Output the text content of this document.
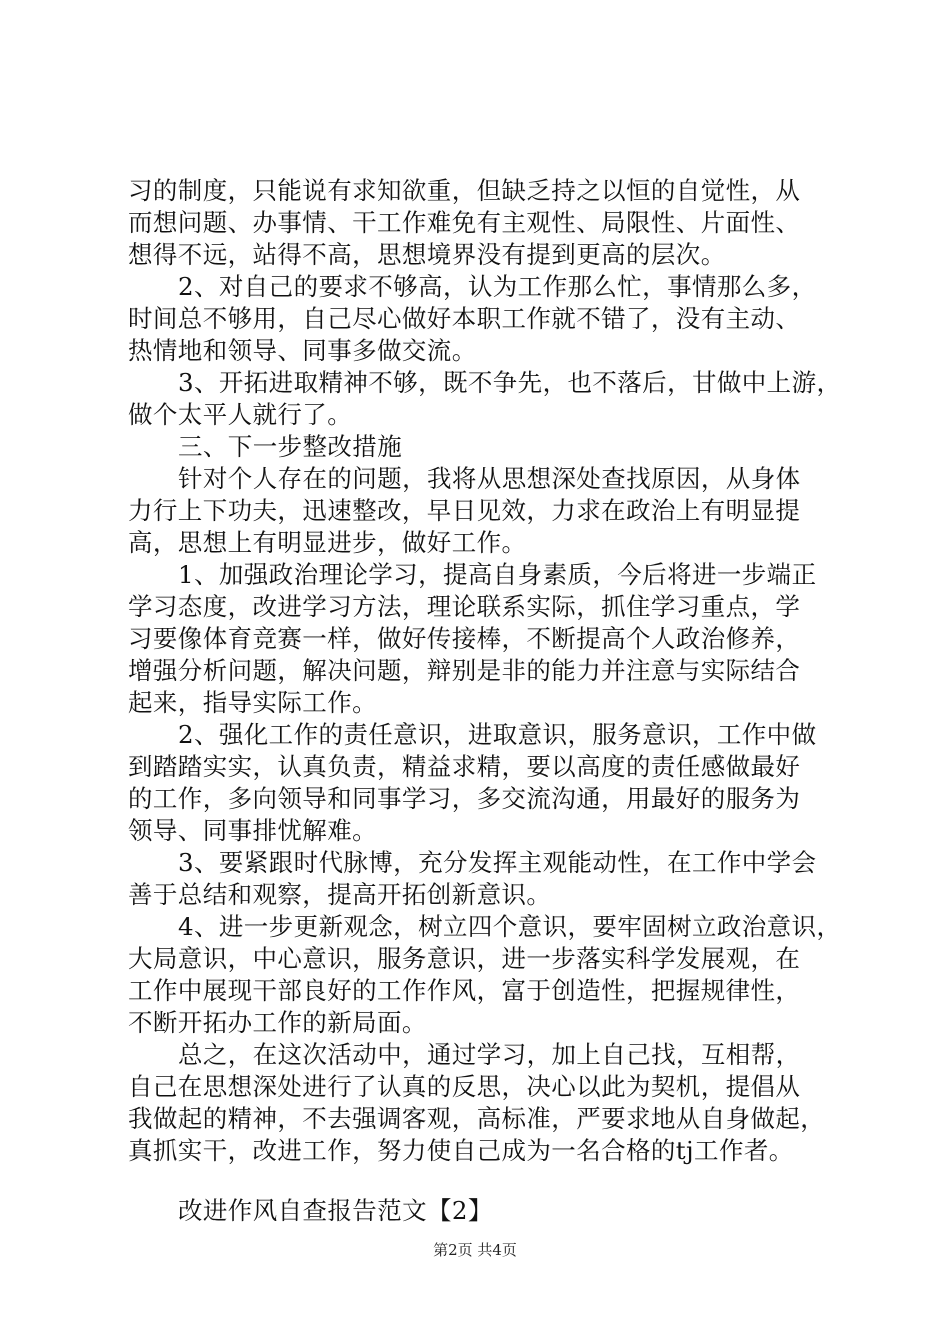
习的制度，只能说有求知欲重，但缺乏持之以恒的自觉性，从
而想问题、办事情、干工作难免有主观性、局限性、片面性、
想得不远，站得不高，思想境界没有提到更高的层次。
2、对自己的要求不够高，认为工作那么忙，事情那么多，
时间总不够用，自己尽心做好本职工作就不错了，没有主动、
热情地和领导、同事多做交流。
3、开拓进取精神不够，既不争先，也不落后，甘做中上游，
做个太平人就行了。
三、下一步整改措施
针对个人存在的问题，我将从思想深处查找原因，从身体
力行上下功夫，迅速整改，早日见效，力求在政治上有明显提
高，思想上有明显进步，做好工作。
1、加强政治理论学习，提高自身素质，今后将进一步端正
学习态度，改进学习方法，理论联系实际，抓住学习重点，学
习要像体育竞赛一样，做好传接棒，不断提高个人政治修养，
增强分析问题，解决问题，辩别是非的能力并注意与实际结合
起来，指导实际工作。
2、强化工作的责任意识，进取意识，服务意识，工作中做
到踏踏实实，认真负责，精益求精，要以高度的责任感做最好
的工作，多向领导和同事学习，多交流沟通，用最好的服务为
领导、同事排忧解难。
3、要紧跟时代脉博，充分发挥主观能动性，在工作中学会
善于总结和观察，提高开拓创新意识。
4、进一步更新观念，树立四个意识，要牢固树立政治意识，
大局意识，中心意识，服务意识，进一步落实科学发展观，在
工作中展现干部良好的工作作风，富于创造性，把握规律性，
不断开拓办工作的新局面。
总之，在这次活动中，通过学习，加上自己找，互相帮，
自己在思想深处进行了认真的反思，决心以此为契机，提倡从
我做起的精神，不去强调客观，高标准，严要求地从自身做起，
真抓实干，改进工作，努力使自己成为一名合格的tj工作者。
改进作风自查报告范文【2】
第2页 共4页
